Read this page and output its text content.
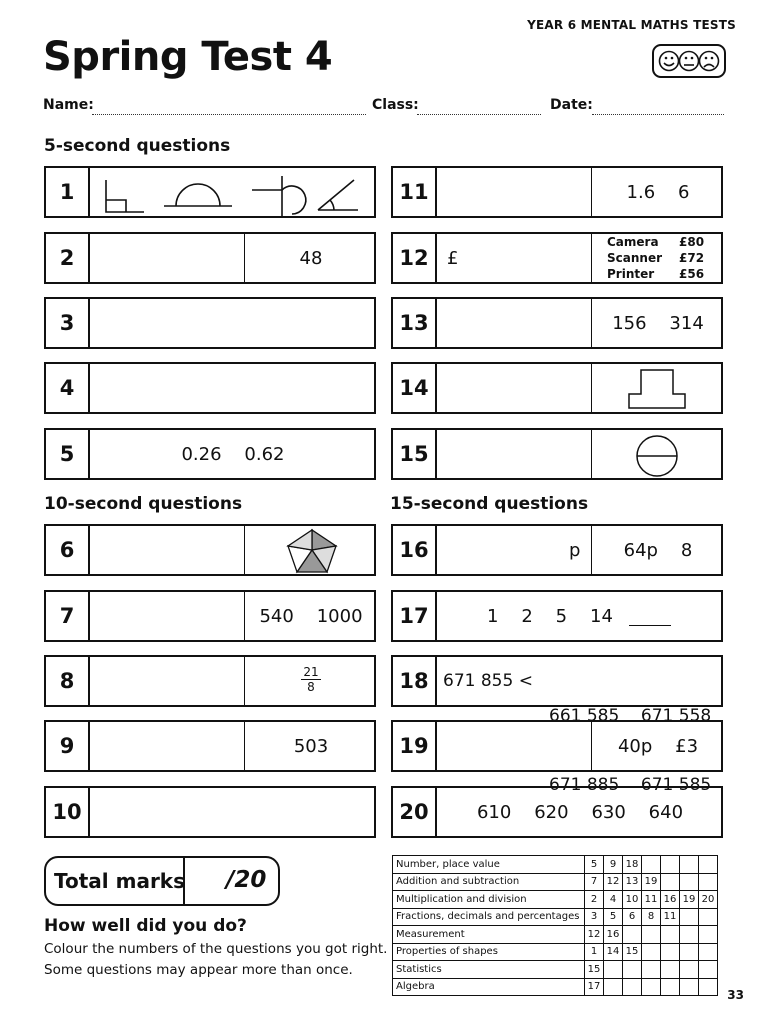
YEAR 6 MENTAL MATHS TESTS
Spring Test 4
Name:	Class:	Date:
5-second questions
10-second questions	15-second questions
1
2	48
3
4
5	0.26    0.62
6
7	540    1000
8	$\frac{21}{8}$
9	503
10
11	1.6    6
12	£
Camera £80
Scanner £72
Printer £56
13	156    314
14
15
16	p	64p    8
17	1    2    5    14
18 671 855 <

661 585    671 558

671 885    671 585

19	40p    £3
20	610    620    630    640
Total marks /20
How well did you do?
Colour the numbers of the questions you got right.
Some questions may appear more than once.
Number, place value	5	9	18				
Addition and subtraction	7	12	13	19			
Multiplication and division	2	4	10	11	16	19	20
Fractions, decimals and percentages	3	5	6	8	11		
Measurement	12	16					
Properties of shapes	1	14	15				
Statistics	15						
Algebra	17						
33
